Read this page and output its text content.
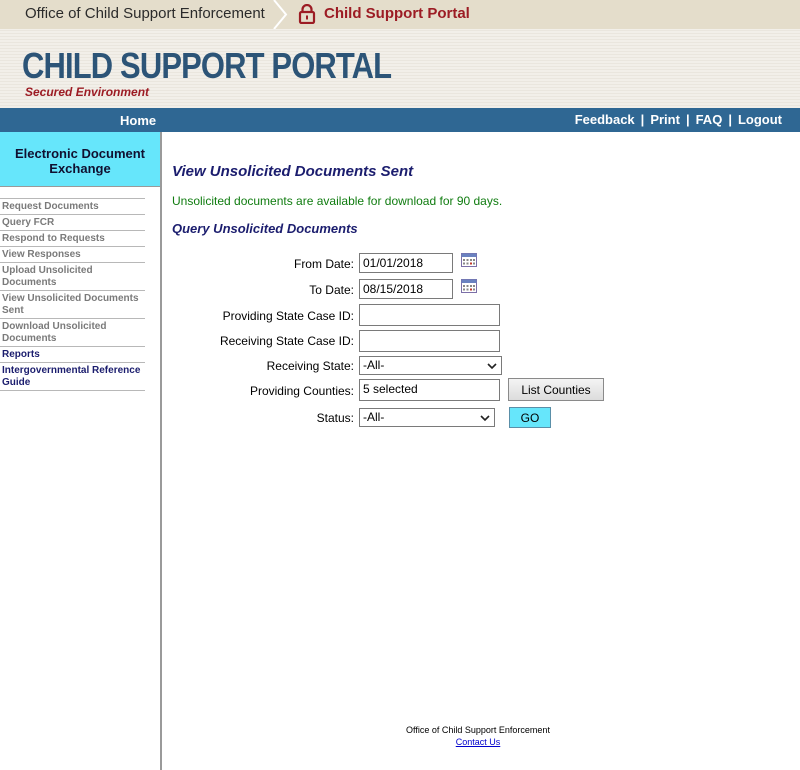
Office of Child Support Enforcement	Child Support Portal
CHILD SUPPORT PORTAL
Secured Environment
Home	Feedback | Print | FAQ | Logout
Electronic Document Exchange
Request Documents
Query FCR
Respond to Requests
View Responses
Upload Unsolicited Documents
View Unsolicited Documents Sent
Download Unsolicited Documents
Reports
Intergovernmental Reference Guide
View Unsolicited Documents Sent
Unsolicited documents are available for download for 90 days.
Query Unsolicited Documents
From Date: 01/01/2018
To Date: 08/15/2018
Providing State Case ID:
Receiving State Case ID:
Receiving State: -All-
Providing Counties: 5 selected	List Counties
Status: -All-	GO
Office of Child Support Enforcement
Contact Us
